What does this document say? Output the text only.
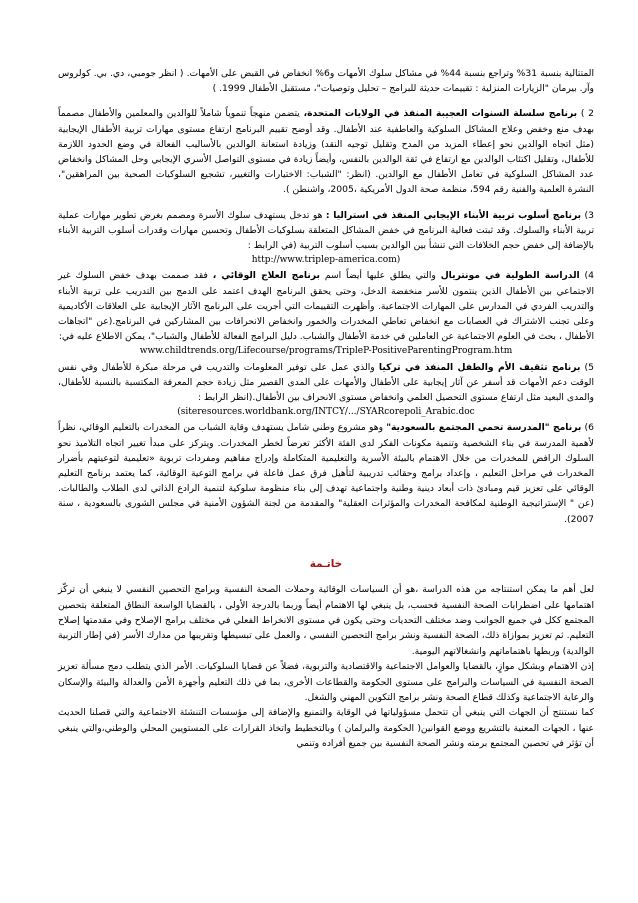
المتتالية بنسبة 31% وتراجع بنسبة 44% في مشاكل سلوك الأمهات و6% انخفاض في القبض على الأمهات. ( انظر جومبي، دي. بي. كولروس وآر. بيرمان "الزيارات المنزلية : تقييمات حديثة للبرامج – تحليل وتوصيات"، مستقبل الأطفال 1999. )

2 ) برنامج سلسلة السنوات العجيبة المنفذ في الولايات المتحدة، يتضمن منهجاً تنموياً شاملاً للوالدين والمعلمين والأطفال مصمماً بهدف منع وخفض وعلاج المشاكل السلوكية والعاطفية عند الأطفال. وقد أوضح تقييم البرنامج ارتفاع مستوى مهارات تربية الأطفال الإيجابية (مثل اتجاه الوالدين نحو إعطاء المزيد من المدح وتقليل توجيه النقد) وزيادة استعانة الوالدين بالأساليب الفعالة في وضع الحدود اللازمة للأطفال، وتقليل اكتئاب الوالدين مع ارتفاع في ثقة الوالدين بالنفس، وأيضاً زيادة في مستوى التواصل الأسري الإيجابي وحل المشاكل وانخفاض عدد المشاكل السلوكية في تعامل الأطفال مع الوالدين. (انظر: "الشباب: الاختيارات والتغيير، تشجيع السلوكيات الصحية بين المراهقين"، النشرة العلمية والفنية رقم 594، منظمة صحة الدول الأمريكية ،2005، واشنطن ).

3) برنامج أسلوب تربية الأبناء الإيجابي المنفذ في استراليا : هو تدخل يستهدف سلوك الأسرة ومصمم بغرض تطوير مهارات عملية تربية الأبناء والسلوك. وقد ثبتت فعالية البرنامج في خفض المشاكل المتعلقة بسلوكيات الأطفال وتحسين مهارات وقدرات أسلوب التربية الأبناء بالإضافة إلى خفض حجم الخلافات التي تنشأ بين الوالدين بسبب أسلوب التربية (في الرابط :
http://www.triplep-america.com)

4) الدراسة الطولية في مونتريال والتي يطلق عليها أيضاً اسم برنامج العلاج الوقائي ، فقد صممت بهدف خفض السلوك غير الاجتماعي بين الأطفال الذين ينتمون للأسر منخفضة الدخل، وحتى يحقق البرنامج الهدف اعتمد على الدمج بين التدريب على تربية الأبناء والتدريب الفردي في المدارس على المهارات الاجتماعية. وأظهرت التقييمات التي أجريت على البرنامج الآثار الإيجابية على العلاقات الأكاديمية وعلى تجنب الاشتراك في العصابات مع انخفاض تعاطي المخدرات والخمور وانخفاض الانحرافات بين المشاركين في البرنامج.(عن "اتجاهات الأطفال ، بحث في العلوم الاجتماعية عن العاملين في خدمة الأطفال والشباب. دليل البرامج الفعالة للأطفال والشباب"، يمكن الاطلاع عليه في:
www.childtrends.org/Lifecourse/programs/TripleP-PositiveParentingProgram.htm

5) برنامج تثقيف الأم والطفل المنفذ في تركيا والذي عمل على توفير المعلومات والتدريب في مرحلة مبكرة للأطفال وفي نفس الوقت دعم الأمهات قد أسفر عن آثار إيجابية على الأطفال والأمهات على المدى القصير مثل زيادة حجم المعرفة المكتسبة بالنسبة للأطفال، والمدى البعيد مثل ارتفاع مستوى التحصيل العلمي وانخفاض مستوى الانحراف بين الأطفال.(انظر الرابط :
(siteresources.worldbank.org/INTCY/.../SYARcorepoli_Arabic.doc

6) برنامج "المدرسة تحمي المجتمع بالسعودية" وهو مشروع وطني شامل يستهدف وقاية الشباب من المخدرات بالتعليم الوقائي، نظراً لأهمية المدرسة في بناء الشخصية وتنمية مكونات الفكر لدى الفئة الأكثر تعرضاً لخطر المخدرات. ويتركز على مبدأ تغيير اتجاه التلاميذ نحو السلوك الرافض للمخدرات من خلال الاهتمام بالبيئة الأسرية والتعليمية المتكاملة وإدراج مفاهيم ومفردات تربوية «تعليمية لتوعيتهم بأضرار المخدرات في مراحل التعليم ، وإعداد برامج وحقائب تدريبية لتأهيل فرق عمل فاعلة في برامج التوعية الوقائية، كما يعتمد برنامج التعليم الوقائي على تعزيز قيم ومبادئ ذات أبعاد دينية وطنية واجتماعية تهدف إلى بناء منظومة سلوكية لتنمية الرادع الذاتي لدى الطلاب والطالبات. (عن " الإستراتيجية الوطنية لمكافحة المخدرات والمؤثرات العقلية" والمقدمة من لجنة الشؤون الأمنية في مجلس الشورى بالسعودية ، سنة 2007).

خاتـمة

لعل أهم ما يمكن استنتاجه من هذه الدراسة ،هو أن السياسات الوقائية وحملات الصحة النفسية وبرامج التحصين النفسي لا ينبغي أن تركّز اهتمامها على اضطرابات الصحة النفسية فحسب، بل ينبغي لها الاهتمام أيضاً وربما بالدرجة الأولى ، بالقضايا الواسعة النطاق المتعلقة بتحصين المجتمع ككل في جميع الجوانب وضد مختلف التحديات وحتى يكون في مستوى الانخراط الفعلي في مختلف برامج الإصلاح وفي مقدمتها إصلاح التعليم. ثم تعزيز بموازاة ذلك، الصحة النفسية ونشر برامج التحصين النفسي ، والعمل على تبسيطها وتقريبها من مدارك الأسر (في إطار التربية الوالدية) وربطها باهتماماتهم وانشغالاتهم اليومية.

إذن الاهتمام وبشكل موازٍ، بالقضايا والعوامل الاجتماعية والاقتصادية والتربوية، فضلاً عن قضايا السلوكيات. الأمر الذي يتطلب دمج مسألة تعزيز الصحة النفسية في السياسات والبرامج على مستوى الحكومة والقطاعات الأخرى، بما في ذلك التعليم وأجهزة الأمن والعدالة والبيئة والإسكان والرعاية الاجتماعية وكذلك قطاع الصحة ونشر برامج التكوين المهني والشغل.

كما نستنتج أن الجهات التي ينبغي أن تتحمل مسؤولياتها في الوقاية والتمنيع والإضافة إلى مؤسسات التنشئة الاجتماعية والتي قصلنا الحديث عنها ، الجهات المعنية بالتشريع ووضع القوانين( الحكومة والبرلمان ) وبالتخطيط واتخاذ القرارات على المستويين المحلي والوطني،والتي ينبغي أن تؤثر في تحصين المجتمع برمته ونشر الصحة النفسية بين جميع أفراده وتنمي
